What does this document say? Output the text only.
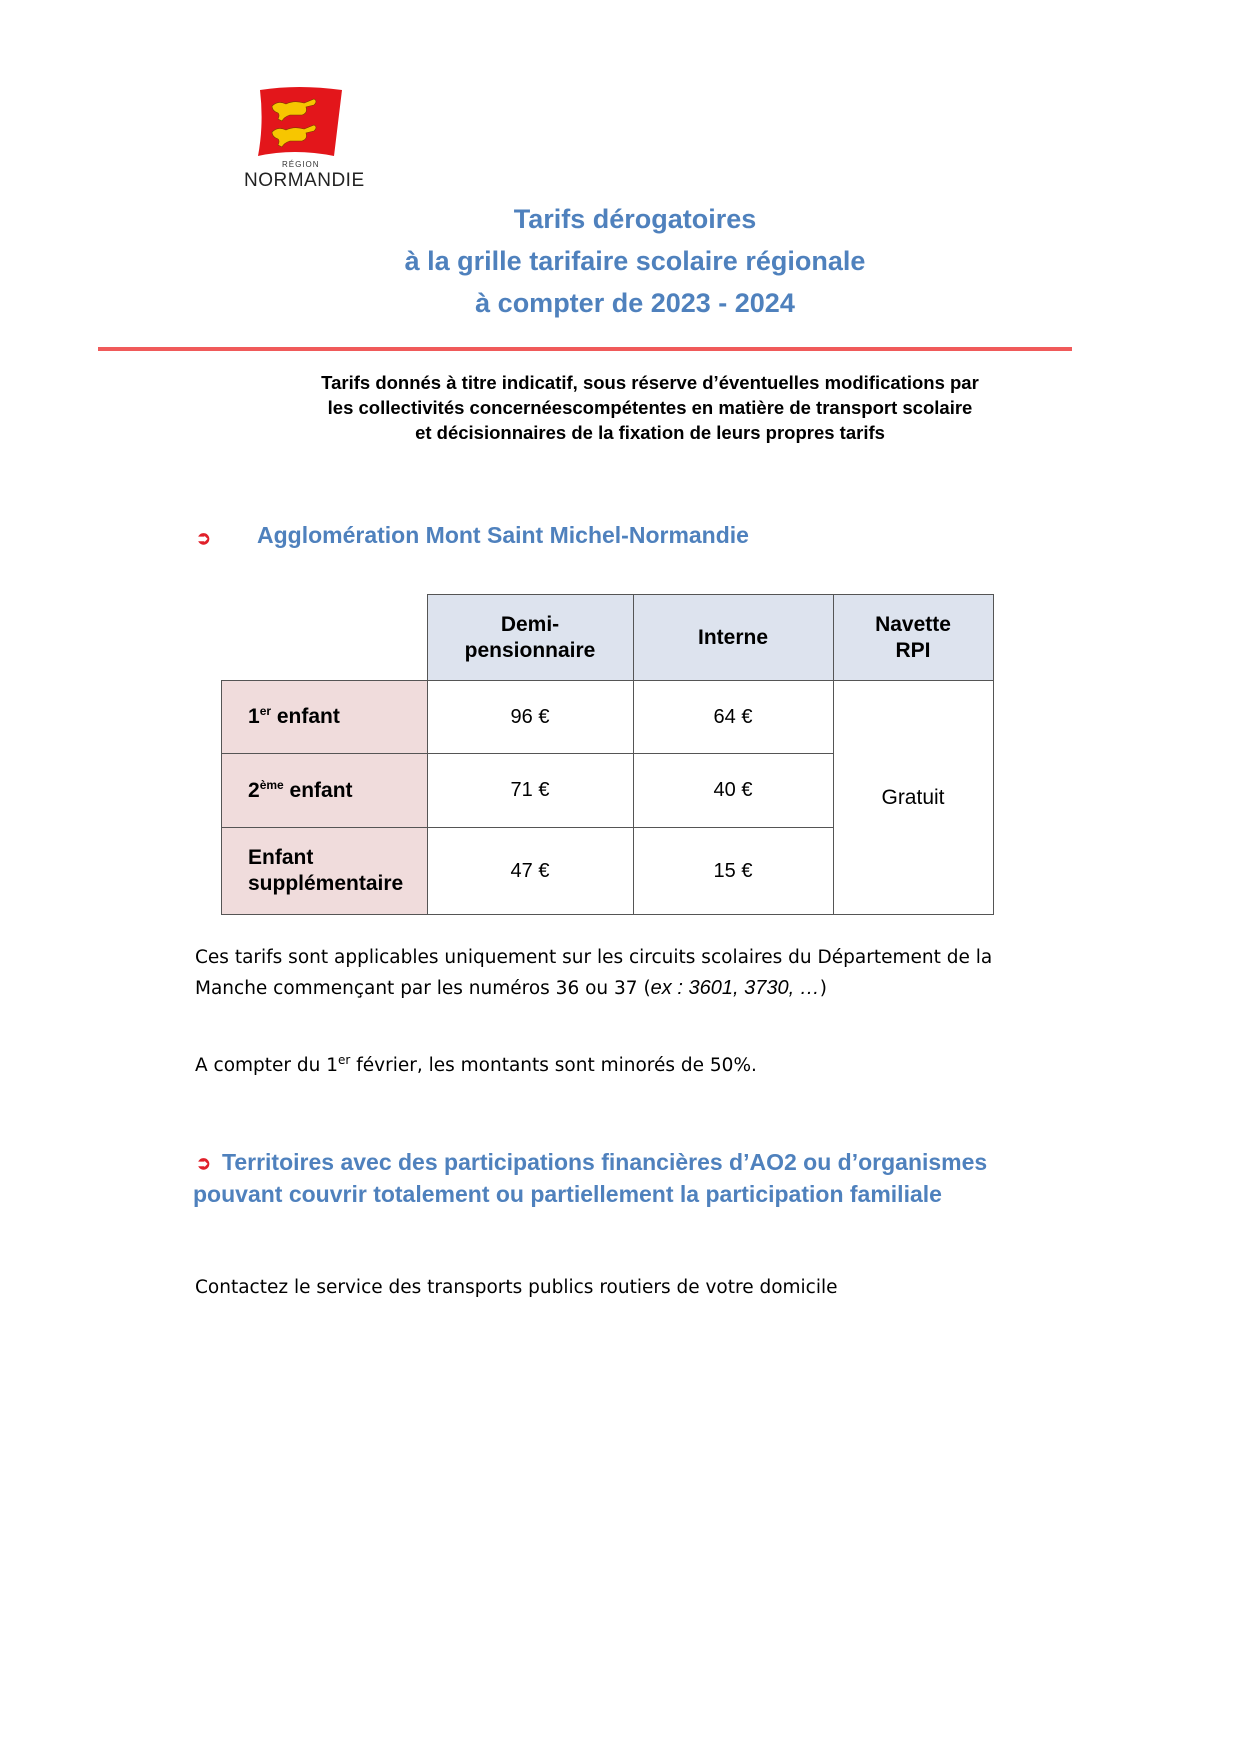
RÉGION
NORMANDIE
Tarifs dérogatoires
à la grille tarifaire scolaire régionale
à compter de 2023 - 2024
Tarifs donnés à titre indicatif, sous réserve d’éventuelles modifications par
les collectivités concernéescompétentes en matière de transport scolaire
et décisionnaires de la fixation de leurs propres tarifs
➲ Agglomération Mont Saint Michel-Normandie
	Demi-
pensionnaire	Interne	Navette
RPI
1er enfant	96 €	64 €	Gratuit
2ème enfant	71 €	40 €	
Enfant
supplémentaire	47 €	15 €	
Ces tarifs sont applicables uniquement sur les circuits scolaires du Département de la
Manche commençant par les numéros 36 ou 37 (ex : 3601, 3730, …)
A compter du 1er février, les montants sont minorés de 50%.
➲ Territoires avec des participations financières d’AO2 ou d’organismes
pouvant couvrir totalement ou partiellement la participation familiale
Contactez le service des transports publics routiers de votre domicile
